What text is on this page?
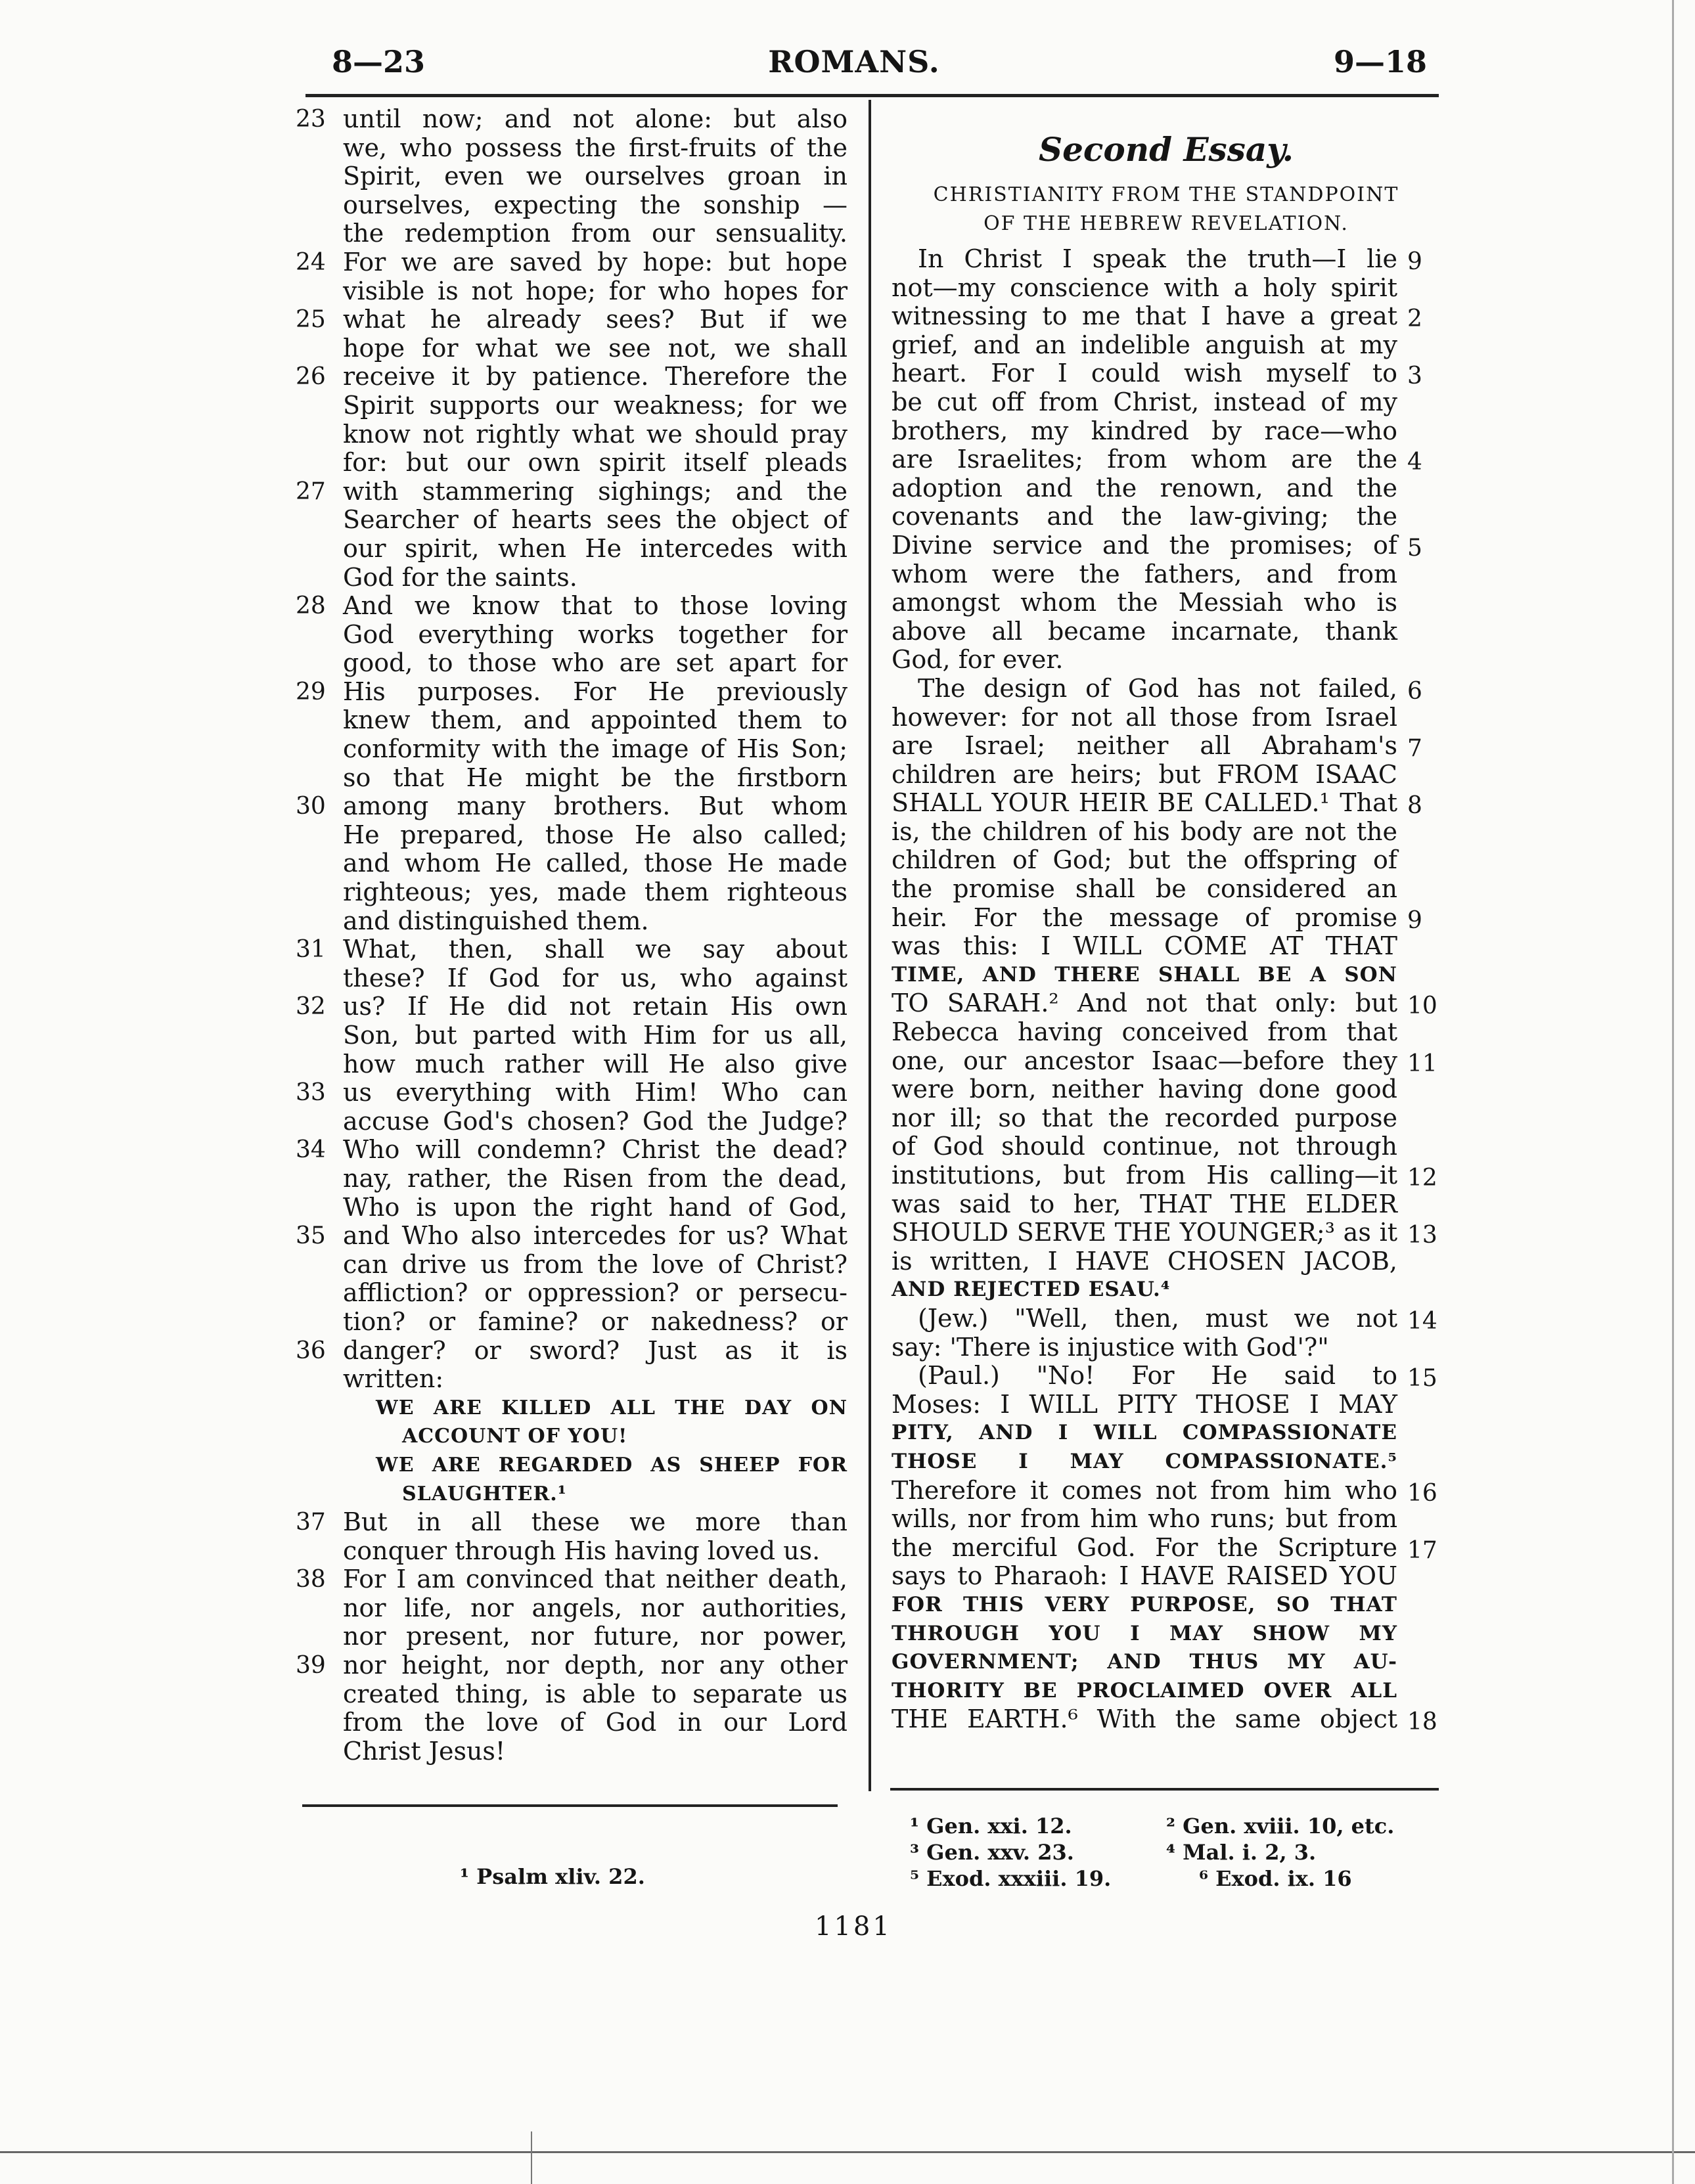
8—23	ROMANS.	9—18
23 until now; and not alone: but also
we, who possess the first-fruits of the
Spirit, even we ourselves groan in
ourselves, expecting the sonship —
the redemption from our sensuality.
24 For we are saved by hope: but hope
visible is not hope; for who hopes for
25 what he already sees? But if we
hope for what we see not, we shall
26 receive it by patience. Therefore the
Spirit supports our weakness; for we
know not rightly what we should pray
for: but our own spirit itself pleads
27 with stammering sighings; and the
Searcher of hearts sees the object of
our spirit, when He intercedes with
God for the saints.
28 And we know that to those loving
God everything works together for
good, to those who are set apart for
29 His purposes. For He previously
knew them, and appointed them to
conformity with the image of His Son;
so that He might be the firstborn
30 among many brothers. But whom
He prepared, those He also called;
and whom He called, those He made
righteous; yes, made them righteous
and distinguished them.
31 What, then, shall we say about
these? If God for us, who against
32 us? If He did not retain His own
Son, but parted with Him for us all,
how much rather will He also give
33 us everything with Him! Who can
accuse God's chosen? God the Judge?
34 Who will condemn? Christ the dead?
nay, rather, the Risen from the dead,
Who is upon the right hand of God,
35 and Who also intercedes for us? What
can drive us from the love of Christ?
affliction? or oppression? or persecu-
tion? or famine? or nakedness? or
36 danger? or sword? Just as it is
written:
WE ARE KILLED ALL THE DAY ON
ACCOUNT OF YOU!
WE ARE REGARDED AS SHEEP FOR
SLAUGHTER.¹
37 But in all these we more than
conquer through His having loved us.
38 For I am convinced that neither death,
nor life, nor angels, nor authorities,
nor present, nor future, nor power,
39 nor height, nor depth, nor any other
created thing, is able to separate us
from the love of God in our Lord
Christ Jesus!
Second Essay.
CHRISTIANITY FROM THE STANDPOINT
OF THE HEBREW REVELATION.
In Christ I speak the truth—I lie 9
not—my conscience with a holy spirit
witnessing to me that I have a great 2
grief, and an indelible anguish at my
heart. For I could wish myself to 3
be cut off from Christ, instead of my
brothers, my kindred by race—who
are Israelites; from whom are the 4
adoption and the renown, and the
covenants and the law-giving; the
Divine service and the promises; of 5
whom were the fathers, and from
amongst whom the Messiah who is
above all became incarnate, thank
God, for ever.
The design of God has not failed, 6
however: for not all those from Israel
are Israel; neither all Abraham's 7
children are heirs; but FROM ISAAC
SHALL YOUR HEIR BE CALLED.¹ That 8
is, the children of his body are not the
children of God; but the offspring of
the promise shall be considered an
heir. For the message of promise 9
was this: I WILL COME AT THAT
TIME, AND THERE SHALL BE A SON
TO SARAH.² And not that only: but 10
Rebecca having conceived from that
one, our ancestor Isaac—before they 11
were born, neither having done good
nor ill; so that the recorded purpose
of God should continue, not through
institutions, but from His calling—it 12
was said to her, THAT THE ELDER
SHOULD SERVE THE YOUNGER;³ as it 13
is written, I HAVE CHOSEN JACOB,
AND REJECTED ESAU.⁴
(Jew.) "Well, then, must we not 14
say: 'There is injustice with God'?"
(Paul.) "No! For He said to 15
Moses: I WILL PITY THOSE I MAY
PITY, AND I WILL COMPASSIONATE
THOSE I MAY COMPASSIONATE.⁵
Therefore it comes not from him who 16
wills, nor from him who runs; but from
the merciful God. For the Scripture 17
says to Pharaoh: I HAVE RAISED YOU
FOR THIS VERY PURPOSE, SO THAT
THROUGH YOU I MAY SHOW MY
GOVERNMENT; AND THUS MY AU-
THORITY BE PROCLAIMED OVER ALL
THE EARTH.⁶ With the same object 18
¹ Psalm xliv. 22.
¹ Gen. xxi. 12.	² Gen. xviii. 10, etc.
³ Gen. xxv. 23.	⁴ Mal. i. 2, 3.
⁵ Exod. xxxiii. 19.	⁶ Exod. ix. 16
1181
